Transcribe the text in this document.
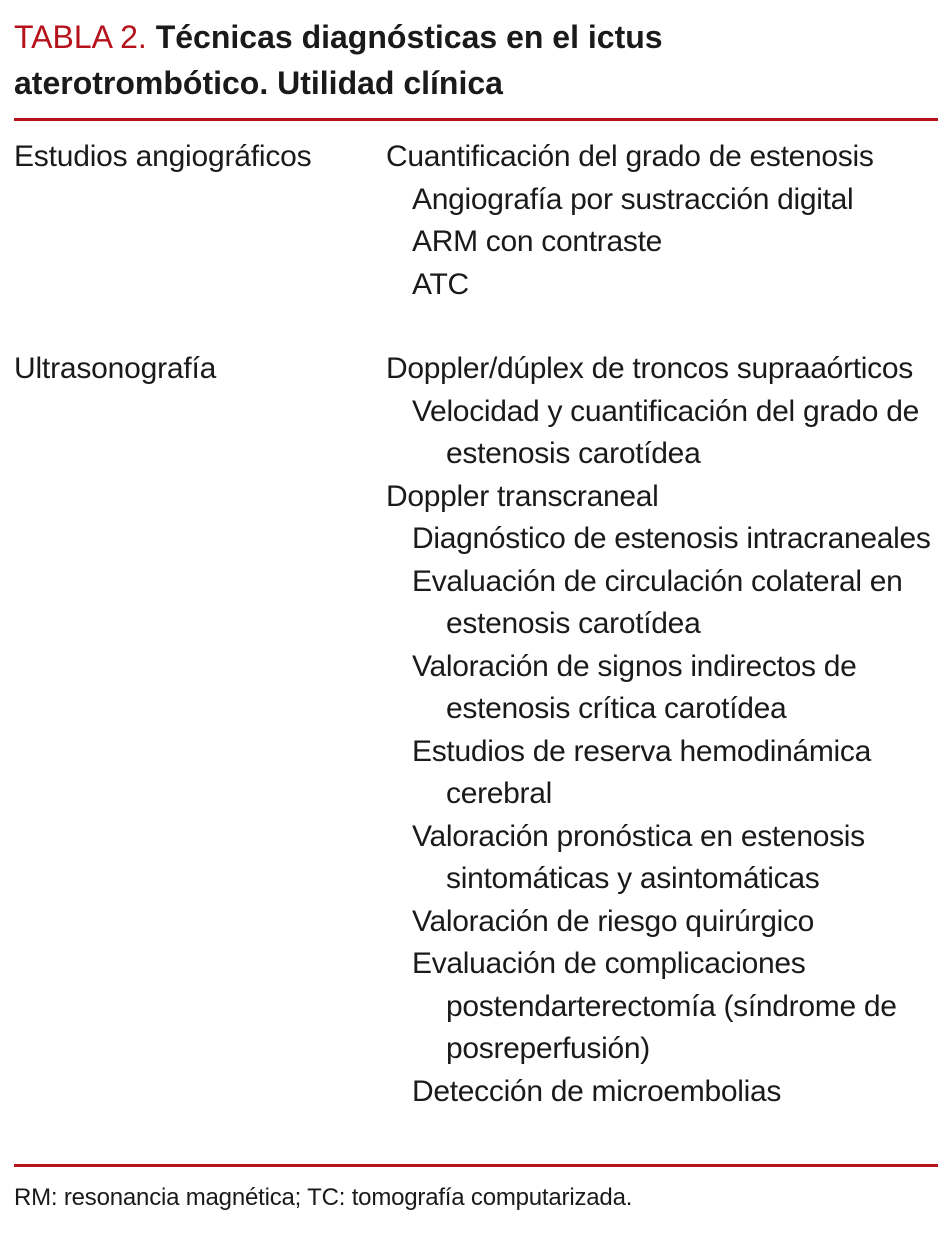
TABLA 2. Técnicas diagnósticas en el ictus
aterotrombótico. Utilidad clínica
Estudios angiográficos	Cuantificación del grado de estenosis
Angiografía por sustracción digital
ARM con contraste
ATC
Ultrasonografía	Doppler/dúplex de troncos supraaórticos
Velocidad y cuantificación del grado de estenosis carotídea
Doppler transcraneal
Diagnóstico de estenosis intracraneales
Evaluación de circulación colateral en estenosis carotídea
Valoración de signos indirectos de estenosis crítica carotídea
Estudios de reserva hemodinámica cerebral
Valoración pronóstica en estenosis sintomáticas y asintomáticas
Valoración de riesgo quirúrgico
Evaluación de complicaciones postendarterectomía (síndrome de posreperfusión)
Detección de microembolias
RM: resonancia magnética; TC: tomografía computarizada.
